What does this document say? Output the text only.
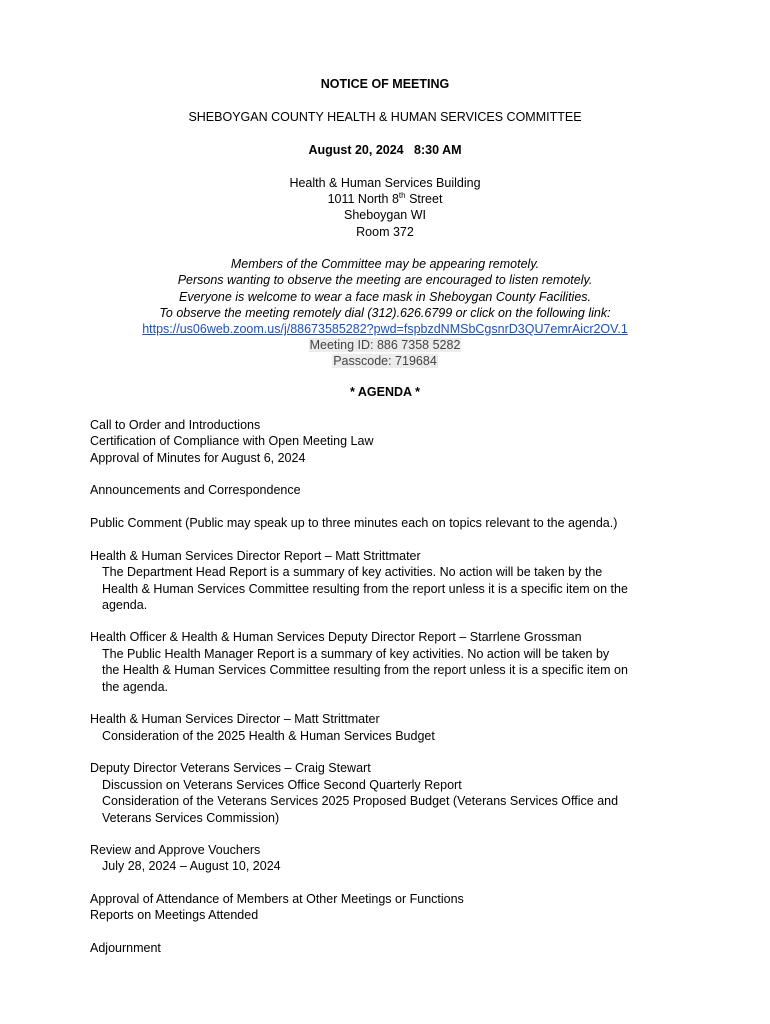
NOTICE OF MEETING
SHEBOYGAN COUNTY HEALTH & HUMAN SERVICES COMMITTEE
August 20, 2024   8:30 AM
Health & Human Services Building
1011 North 8th Street
Sheboygan WI
Room 372
Members of the Committee may be appearing remotely.
Persons wanting to observe the meeting are encouraged to listen remotely.
Everyone is welcome to wear a face mask in Sheboygan County Facilities.
To observe the meeting remotely dial (312).626.6799 or click on the following link:
https://us06web.zoom.us/j/88673585282?pwd=fspbzdNMSbCgsnrD3QU7emrAicr2OV.1
Meeting ID: 886 7358 5282
Passcode: 719684
* AGENDA *
Call to Order and Introductions
Certification of Compliance with Open Meeting Law
Approval of Minutes for August 6, 2024
Announcements and Correspondence
Public Comment (Public may speak up to three minutes each on topics relevant to the agenda.)
Health & Human Services Director Report – Matt Strittmater
The Department Head Report is a summary of key activities. No action will be taken by the
Health & Human Services Committee resulting from the report unless it is a specific item on the
agenda.
Health Officer & Health & Human Services Deputy Director Report – Starrlene Grossman
The Public Health Manager Report is a summary of key activities. No action will be taken by
the Health & Human Services Committee resulting from the report unless it is a specific item on
the agenda.
Health & Human Services Director – Matt Strittmater
Consideration of the 2025 Health & Human Services Budget
Deputy Director Veterans Services – Craig Stewart
Discussion on Veterans Services Office Second Quarterly Report
Consideration of the Veterans Services 2025 Proposed Budget (Veterans Services Office and
Veterans Services Commission)
Review and Approve Vouchers
July 28, 2024 – August 10, 2024
Approval of Attendance of Members at Other Meetings or Functions
Reports on Meetings Attended
Adjournment
